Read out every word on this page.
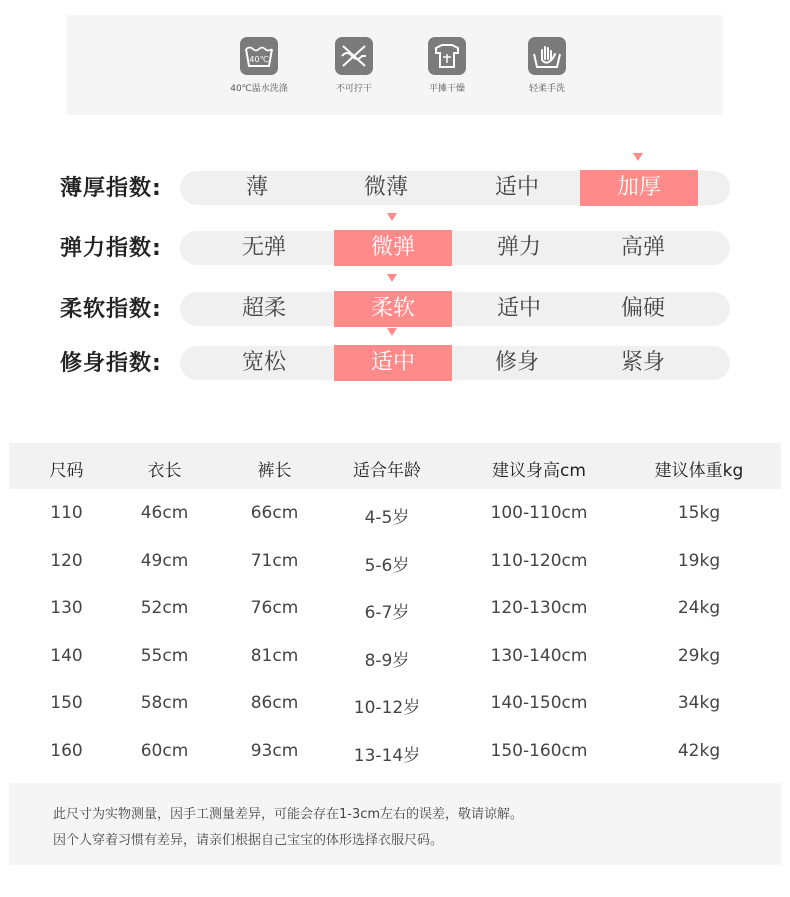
40℃
40℃温水洗涤	不可拧干	平摊干燥	轻柔手洗
薄厚指数:	薄	微薄	适中	加厚
弹力指数:	无弹	微弹	弹力	高弹
柔软指数:	超柔	柔软	适中	偏硬
修身指数:	宽松	适中	修身	紧身
尺码	衣长	裤长	适合年龄	建议身高cm	建议体重kg
110	46cm	66cm	4-5岁	100-110cm	15kg
120	49cm	71cm	5-6岁	110-120cm	19kg
130	52cm	76cm	6-7岁	120-130cm	24kg
140	55cm	81cm	8-9岁	130-140cm	29kg
150	58cm	86cm	10-12岁	140-150cm	34kg
160	60cm	93cm	13-14岁	150-160cm	42kg
此尺寸为实物测量，因手工测量差异，可能会存在1-3cm左右的误差，敬请谅解。
因个人穿着习惯有差异，请亲们根据自己宝宝的体形选择衣服尺码。
